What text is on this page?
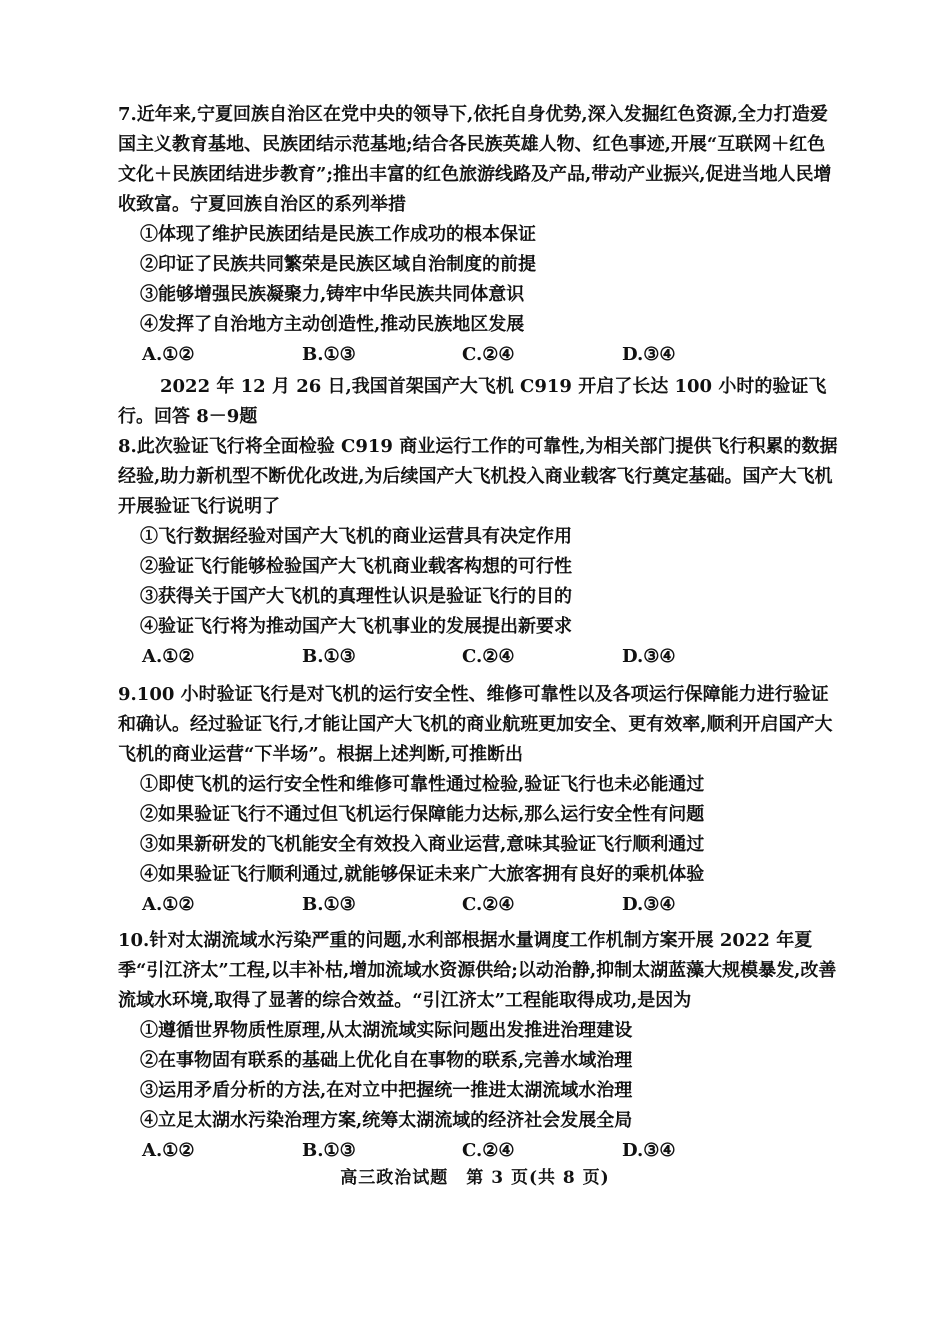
7.近年来,宁夏回族自治区在党中央的领导下,依托自身优势,深入发掘红色资源,全力打造爱国主义教育基地、民族团结示范基地;结合各民族英雄人物、红色事迹,开展“互联网＋红色文化＋民族团结进步教育”;推出丰富的红色旅游线路及产品,带动产业振兴,促进当地人民增收致富。宁夏回族自治区的系列举措

①体现了维护民族团结是民族工作成功的根本保证

②印证了民族共同繁荣是民族区域自治制度的前提

③能够增强民族凝聚力,铸牢中华民族共同体意识

④发挥了自治地方主动创造性,推动民族地区发展

A.①②	B.①③	C.②④	D.③④

2022 年 12 月 26 日,我国首架国产大飞机 C919 开启了长达 100 小时的验证飞行。回答 8－9题

8.此次验证飞行将全面检验 C919 商业运行工作的可靠性,为相关部门提供飞行积累的数据经验,助力新机型不断优化改进,为后续国产大飞机投入商业载客飞行奠定基础。国产大飞机开展验证飞行说明了

①飞行数据经验对国产大飞机的商业运营具有决定作用

②验证飞行能够检验国产大飞机商业载客构想的可行性

③获得关于国产大飞机的真理性认识是验证飞行的目的

④验证飞行将为推动国产大飞机事业的发展提出新要求

A.①②	B.①③	C.②④	D.③④

9.100 小时验证飞行是对飞机的运行安全性、维修可靠性以及各项运行保障能力进行验证和确认。经过验证飞行,才能让国产大飞机的商业航班更加安全、更有效率,顺利开启国产大飞机的商业运营“下半场”。根据上述判断,可推断出

①即使飞机的运行安全性和维修可靠性通过检验,验证飞行也未必能通过

②如果验证飞行不通过但飞机运行保障能力达标,那么运行安全性有问题

③如果新研发的飞机能安全有效投入商业运营,意味其验证飞行顺利通过

④如果验证飞行顺利通过,就能够保证未来广大旅客拥有良好的乘机体验

A.①②	B.①③	C.②④	D.③④

10.针对太湖流域水污染严重的问题,水利部根据水量调度工作机制方案开展 2022 年夏季“引江济太”工程,以丰补枯,增加流域水资源供给;以动治静,抑制太湖蓝藻大规模暴发,改善流域水环境,取得了显著的综合效益。“引江济太”工程能取得成功,是因为

①遵循世界物质性原理,从太湖流域实际问题出发推进治理建设

②在事物固有联系的基础上优化自在事物的联系,完善水域治理

③运用矛盾分析的方法,在对立中把握统一推进太湖流域水治理

④立足太湖水污染治理方案,统筹太湖流域的经济社会发展全局

A.①②	B.①③	C.②④	D.③④
高三政治试题　第 3 页(共 8 页)
